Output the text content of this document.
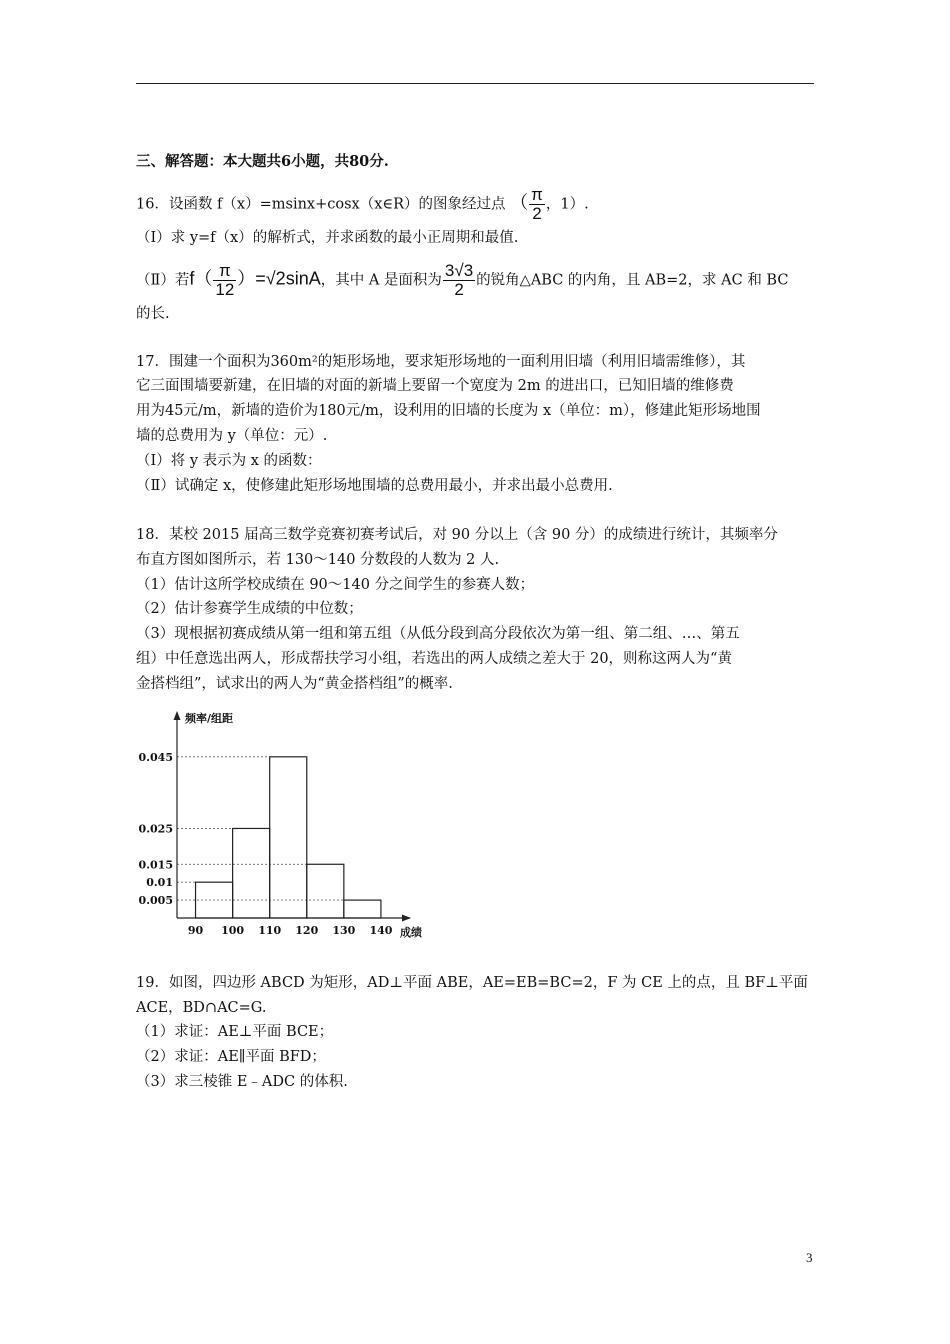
三、解答题：本大题共6小题，共80分.
16．设函数 f（x）=msinx+cosx（x∈R）的图象经过点 （ $\frac{\pi}{2}$ ，1）.
（Ⅰ）求 y=f（x）的解析式，并求函数的最小正周期和最值.
（Ⅱ）若$f( \frac{\pi}{12} )=√2\sin A$，其中 A 是面积为 $\frac{3√3}{2}$ 的锐角△ABC 的内角，且 AB=2，求 AC 和 BC
的长.
17．围建一个面积为360m²的矩形场地，要求矩形场地的一面利用旧墙（利用旧墙需维修），其
它三面围墙要新建，在旧墙的对面的新墙上要留一个宽度为 2m 的进出口，已知旧墙的维修费
用为45元/m，新墙的造价为180元/m，设利用的旧墙的长度为 x（单位：m），修建此矩形场地围
墙的总费用为 y（单位：元）.
（Ⅰ）将 y 表示为 x 的函数：
（Ⅱ）试确定 x，使修建此矩形场地围墙的总费用最小，并求出最小总费用.
18．某校 2015 届高三数学竞赛初赛考试后，对 90 分以上（含 90 分）的成绩进行统计，其频率分
布直方图如图所示，若 130～140 分数段的人数为 2 人.
（1）估计这所学校成绩在 90～140 分之间学生的参赛人数；
（2）估计参赛学生成绩的中位数；
（3）现根据初赛成绩从第一组和第五组（从低分段到高分段依次为第一组、第二组、…、第五
组）中任意选出两人，形成帮扶学习小组，若选出的两人成绩之差大于 20，则称这两人为“黄
金搭档组”，试求出的两人为“黄金搭档组”的概率.
0.045
0.025
0.015
0.01
0.005
90 100 110 120 130 140
频率/组距
成绩
19．如图，四边形 ABCD 为矩形，AD⊥平面 ABE，AE=EB=BC=2，F 为 CE 上的点，且 BF⊥平面
ACE，BD∩AC=G.
（1）求证：AE⊥平面 BCE；
（2）求证：AE∥平面 BFD；
（3）求三棱锥 E﹣ADC 的体积.
3
